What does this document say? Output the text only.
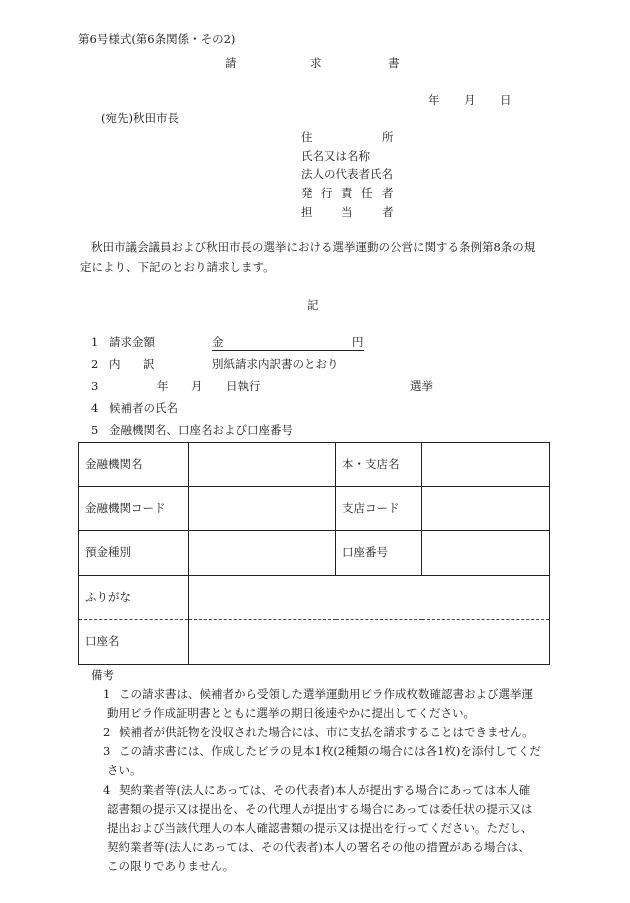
第6号様式(第6条関係・その2)
請	求	書
年 月 日
(宛先)秋田市長
住	所
氏名又は名称
法人の代表者氏名
発 行 責 任 者
担 当	者
秋田市議会議員および秋田市長の選挙における選挙運動の公営に関する条例第8条の規
定により、下記のとおり請求します。
記
1 請求金額	金	円
2 内 訳	別紙請求内訳書のとおり
3	年 月 日執行	選挙
4 候補者の氏名
5 金融機関名、口座名および口座番号
金融機関名		本・支店名	
金融機関コード		支店コード	
預金種別		口座番号	
ふりがな			
口座名			
備考
1 この請求書は、候補者から受領した選挙運動用ビラ作成枚数確認書および選挙運
動用ビラ作成証明書とともに選挙の期日後速やかに提出してください。
2 候補者が供託物を没収された場合には、市に支払を請求することはできません。
3 この請求書には、作成したビラの見本1枚(2種類の場合には各1枚)を添付してくだ
さい。
4 契約業者等(法人にあっては、その代表者)本人が提出する場合にあっては本人確
認書類の提示又は提出を、その代理人が提出する場合にあっては委任状の提示又は
提出および当該代理人の本人確認書類の提示又は提出を行ってください。ただし、
契約業者等(法人にあっては、その代表者)本人の署名その他の措置がある場合は、
この限りでありません。
